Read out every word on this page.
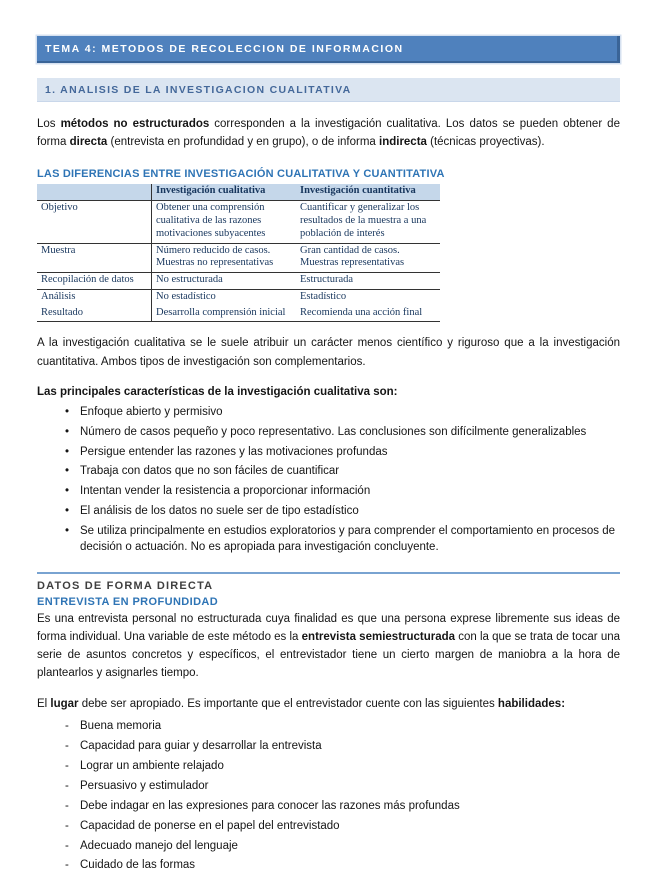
TEMA 4: METODOS DE RECOLECCION DE INFORMACION
1. ANALISIS DE LA INVESTIGACION CUALITATIVA

Los métodos no estructurados corresponden a la investigación cualitativa. Los datos se pueden obtener de forma directa (entrevista en profundidad y en grupo), o de informa indirecta (técnicas proyectivas).

LAS DIFERENCIAS ENTRE INVESTIGACIÓN CUALITATIVA Y CUANTITATIVA
	Investigación cualitativa	Investigación cuantitativa
Objetivo	Obtener una comprensión cualitativa de las razones motivaciones subyacentes	Cuantificar y generalizar los resultados de la muestra a una población de interés
Muestra	Número reducido de casos. Muestras no representativas	Gran cantidad de casos. Muestras representativas
Recopilación de datos	No estructurada	Estructurada
Análisis	No estadístico	Estadístico
Resultado	Desarrolla comprensión inicial	Recomienda una acción final

A la investigación cualitativa se le suele atribuir un carácter menos científico y riguroso que a la investigación cuantitativa. Ambos tipos de investigación son complementarios.

Las principales características de la investigación cualitativa son:
• Enfoque abierto y permisivo
• Número de casos pequeño y poco representativo. Las conclusiones son difícilmente generalizables
• Persigue entender las razones y las motivaciones profundas
• Trabaja con datos que no son fáciles de cuantificar
• Intentan vender la resistencia a proporcionar información
• El análisis de los datos no suele ser de tipo estadístico
• Se utiliza principalmente en estudios exploratorios y para comprender el comportamiento en procesos de decisión o actuación. No es apropiada para investigación concluyente.
DATOS DE FORMA DIRECTA
ENTREVISTA EN PROFUNDIDAD

Es una entrevista personal no estructurada cuya finalidad es que una persona exprese libremente sus ideas de forma individual. Una variable de este método es la entrevista semiestructurada con la que se trata de tocar una serie de asuntos concretos y específicos, el entrevistador tiene un cierto margen de maniobra a la hora de plantearlos y asignarles tiempo.

El lugar debe ser apropiado. Es importante que el entrevistador cuente con las siguientes habilidades:

- Buena memoria
- Capacidad para guiar y desarrollar la entrevista
- Lograr un ambiente relajado
- Persuasivo y estimulador
- Debe indagar en las expresiones para conocer las razones más profundas
- Capacidad de ponerse en el papel del entrevistado
- Adecuado manejo del lenguaje
- Cuidado de las formas
